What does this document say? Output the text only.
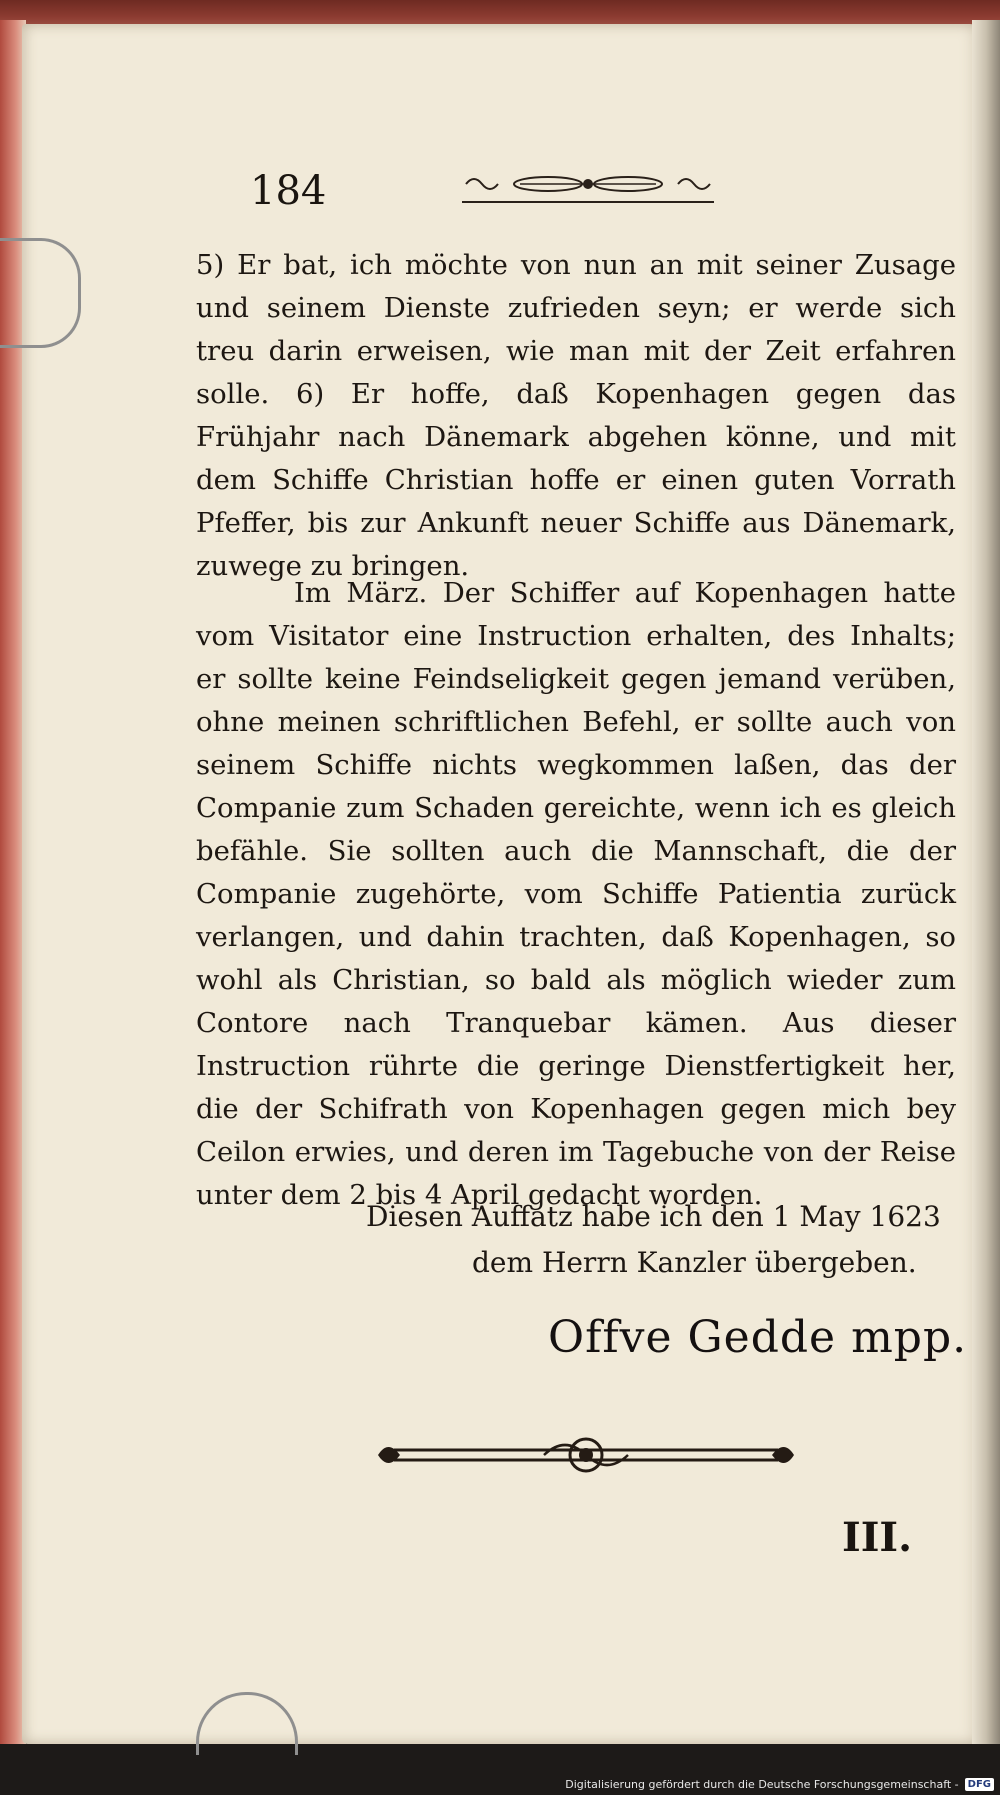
184

5) Er bat, ich möchte von nun an mit seiner Zusage und seinem Dienste zufrieden seyn; er werde sich treu darin erweisen, wie man mit der Zeit erfahren solle. 6) Er hoffe, daß Kopenhagen gegen das Frühjahr nach Dänemark abgehen könne, und mit dem Schiffe Christian hoffe er einen guten Vorrath Pfeffer, bis zur Ankunft neuer Schiffe aus Dänemark, zuwege zu bringen.

Im März. Der Schiffer auf Kopenhagen hatte vom Visitator eine Instruction erhalten, des Inhalts; er sollte keine Feindseligkeit gegen jemand verüben, ohne meinen schriftlichen Befehl, er sollte auch von seinem Schiffe nichts wegkommen laßen, das der Companie zum Schaden gereichte, wenn ich es gleich befähle. Sie sollten auch die Mannschaft, die der Companie zugehörte, vom Schiffe Patientia zurück verlangen, und dahin trachten, daß Kopenhagen, so wohl als Christian, so bald als möglich wieder zum Contore nach Tranquebar kämen. Aus dieser Instruction rührte die geringe Dienstfertigkeit her, die der Schifrath von Kopenhagen gegen mich bey Ceilon erwies, und deren im Tagebuche von der Reise unter dem 2 bis 4 April gedacht worden.

Diesen Auffatz habe ich den 1 May 1623
dem Herrn Kanzler übergeben.
Offve Gedde mpp.
III.
Digitalisierung gefördert durch die Deutsche Forschungsgemeinschaft - DFG
